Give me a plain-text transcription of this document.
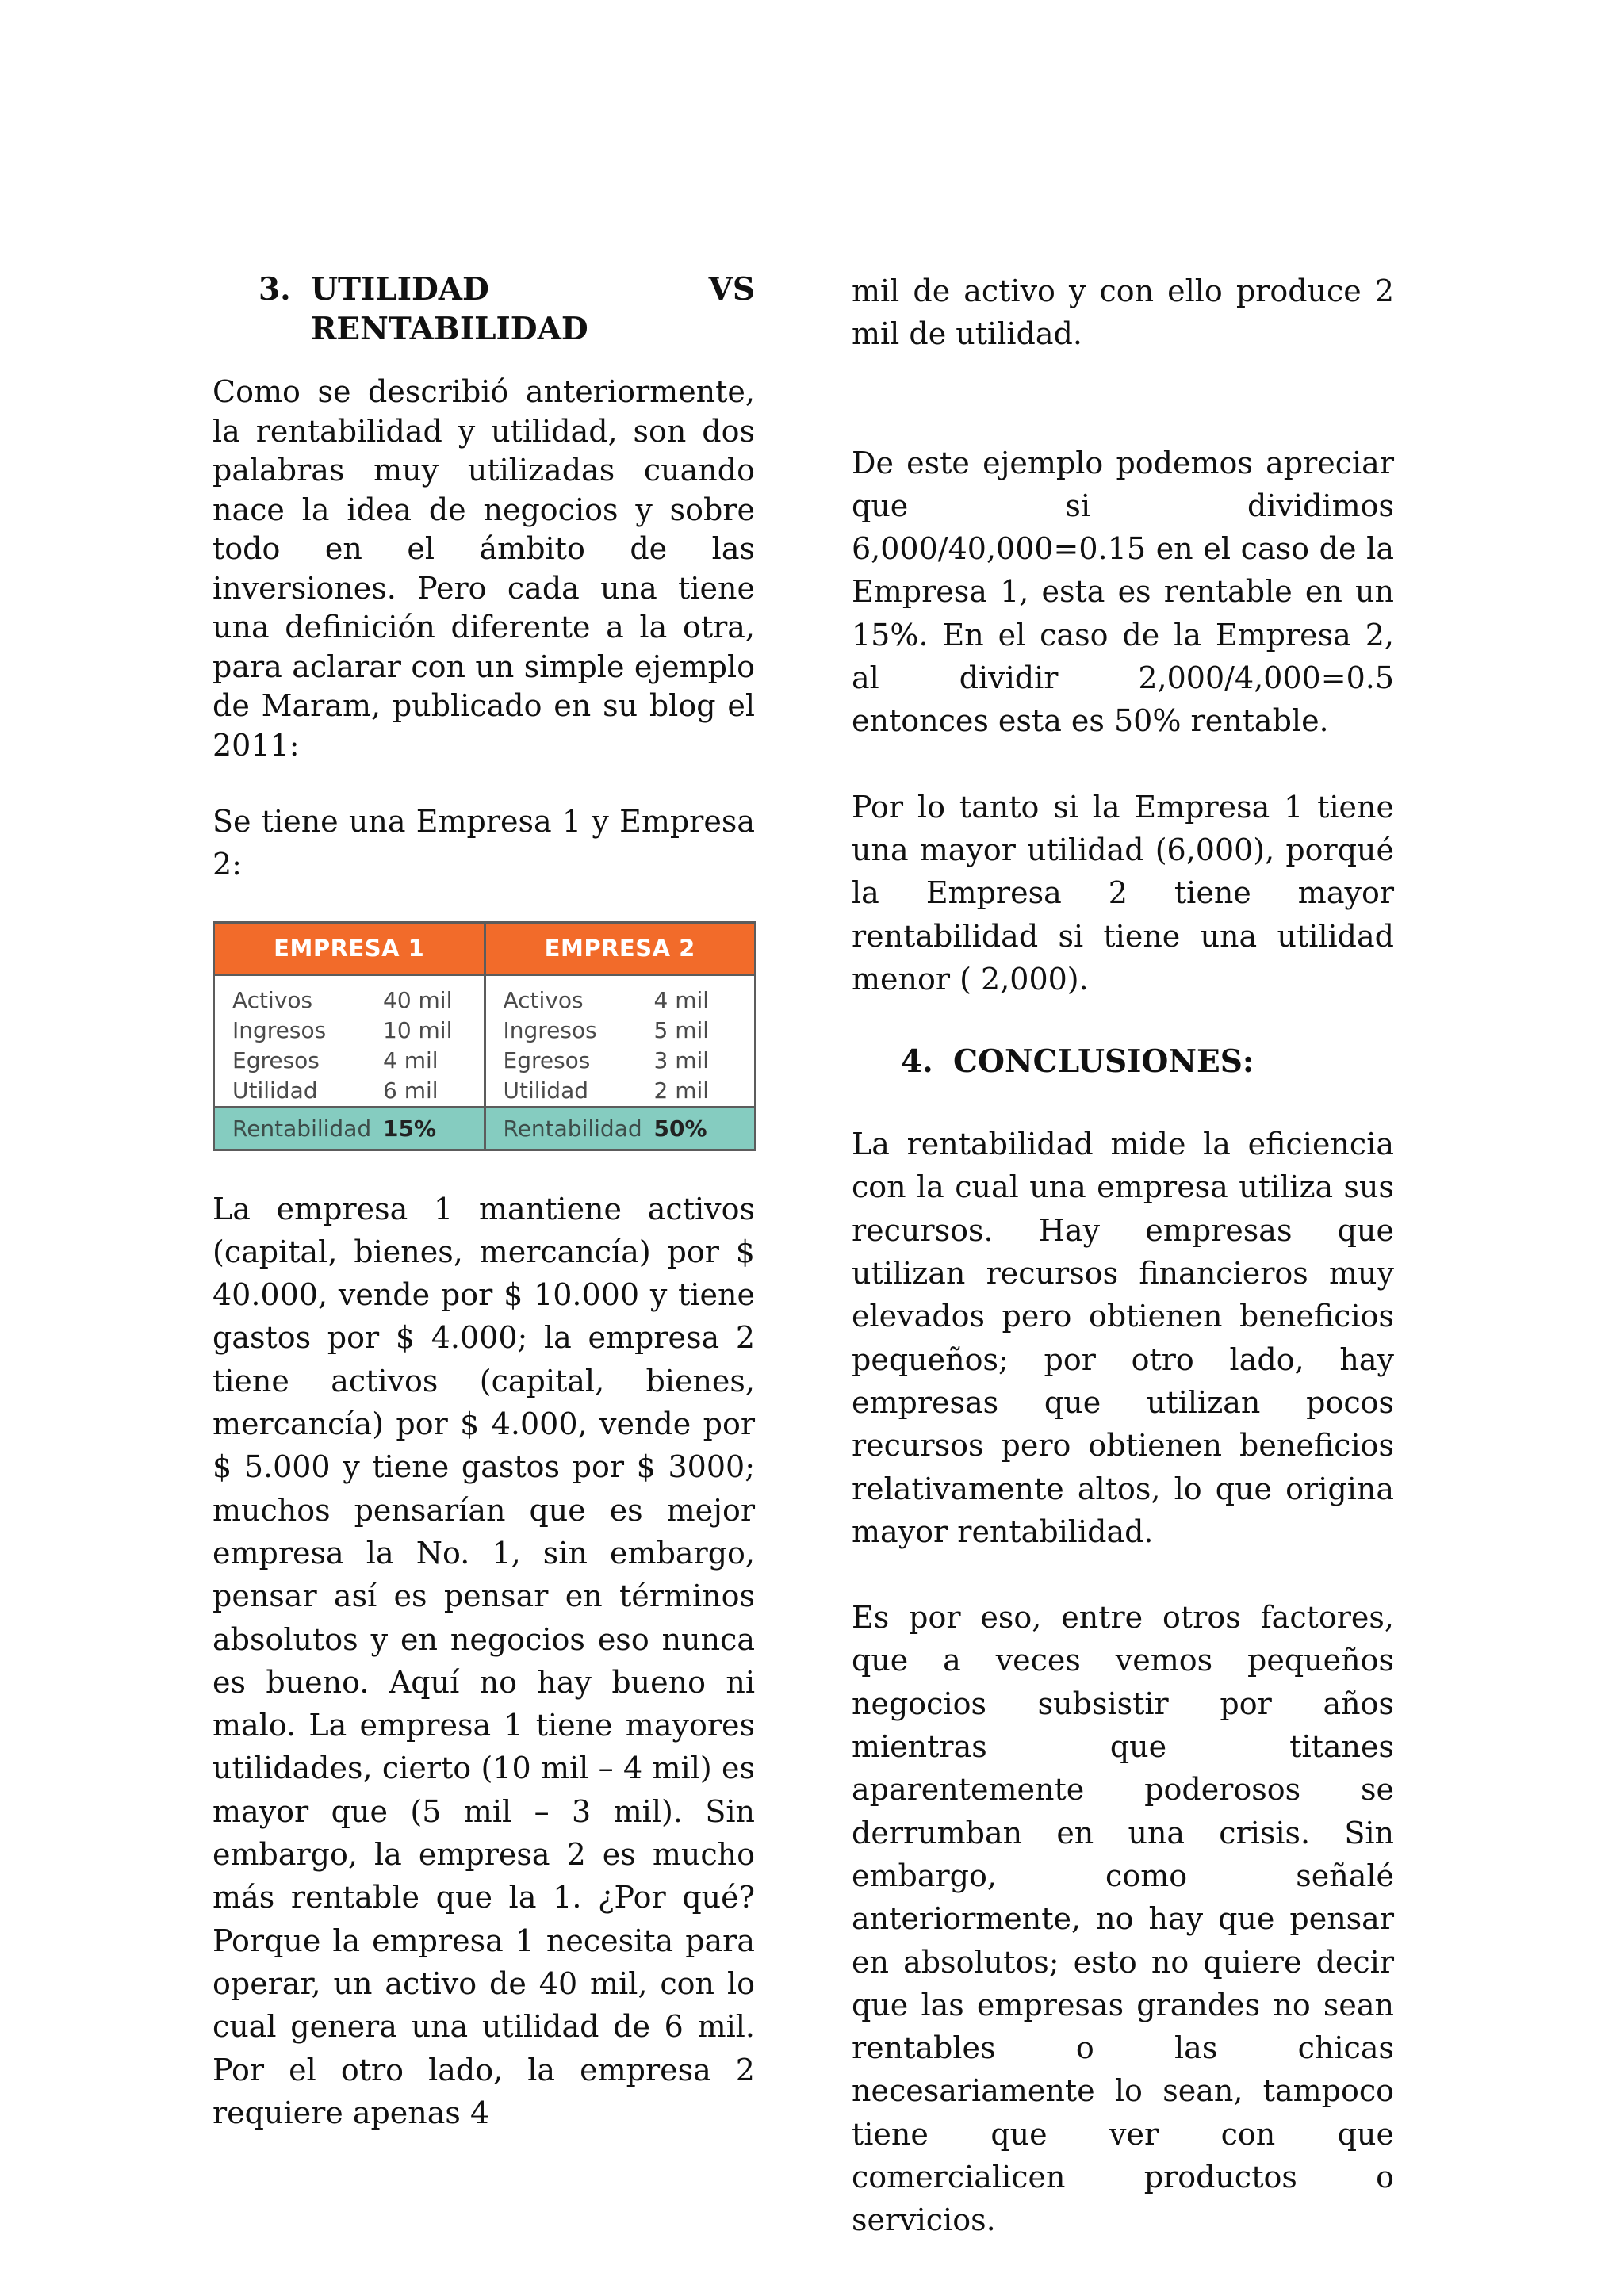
3. UTILIDAD	VS
RENTABILIDAD

Como se describió anteriormente, la rentabilidad y utilidad, son dos palabras muy utilizadas cuando nace la idea de negocios y sobre todo en el ámbito de las inversiones. Pero cada una tiene una definición diferente a la otra, para aclarar con un simple ejemplo de Maram, publicado en su blog el 2011:

Se tiene una Empresa 1 y Empresa 2:

EMPRESA 1
Activos	40 mil
Ingresos	10 mil
Egresos	4 mil
Utilidad	6 mil
Rentabilidad 15%
EMPRESA 2
Activos	4 mil
Ingresos	5 mil
Egresos	3 mil
Utilidad	2 mil
Rentabilidad 50%

La empresa 1 mantiene activos (capital, bienes, mercancía) por $ 40.000, vende por $ 10.000 y tiene gastos por $ 4.000; la empresa 2 tiene activos (capital, bienes, mercancía) por $ 4.000, vende por $ 5.000 y tiene gastos por $ 3000; muchos pensarían que es mejor empresa la No. 1, sin embargo, pensar así es pensar en términos absolutos y en negocios eso nunca es bueno. Aquí no hay bueno ni malo. La empresa 1 tiene mayores utilidades, cierto (10 mil – 4 mil) es mayor que (5 mil – 3 mil). Sin embargo, la empresa 2 es mucho más rentable que la 1. ¿Por qué? Porque la empresa 1 necesita para operar, un activo de 40 mil, con lo cual genera una utilidad de 6 mil. Por el otro lado, la empresa 2 requiere apenas 4

mil de activo y con ello produce 2 mil de utilidad.

De este ejemplo podemos apreciar que si dividimos 6,000/40,000=0.15 en el caso de la Empresa 1, esta es rentable en un 15%. En el caso de la Empresa 2, al dividir 2,000/4,000=0.5 entonces esta es 50% rentable.

Por lo tanto si la Empresa 1 tiene una mayor utilidad (6,000), porqué la Empresa 2 tiene mayor rentabilidad si tiene una utilidad menor ( 2,000).

4. CONCLUSIONES:

La rentabilidad mide la eficiencia con la cual una empresa utiliza sus recursos. Hay empresas que utilizan recursos financieros muy elevados pero obtienen beneficios pequeños; por otro lado, hay empresas que utilizan pocos recursos pero obtienen beneficios relativamente altos, lo que origina mayor rentabilidad.

Es por eso, entre otros factores, que a veces vemos pequeños negocios subsistir por años mientras que titanes aparentemente poderosos se derrumban en una crisis. Sin embargo, como señalé anteriormente, no hay que pensar en absolutos; esto no quiere decir que las empresas grandes no sean rentables o las chicas necesariamente lo sean, tampoco tiene que ver con que comercialicen productos o servicios.
